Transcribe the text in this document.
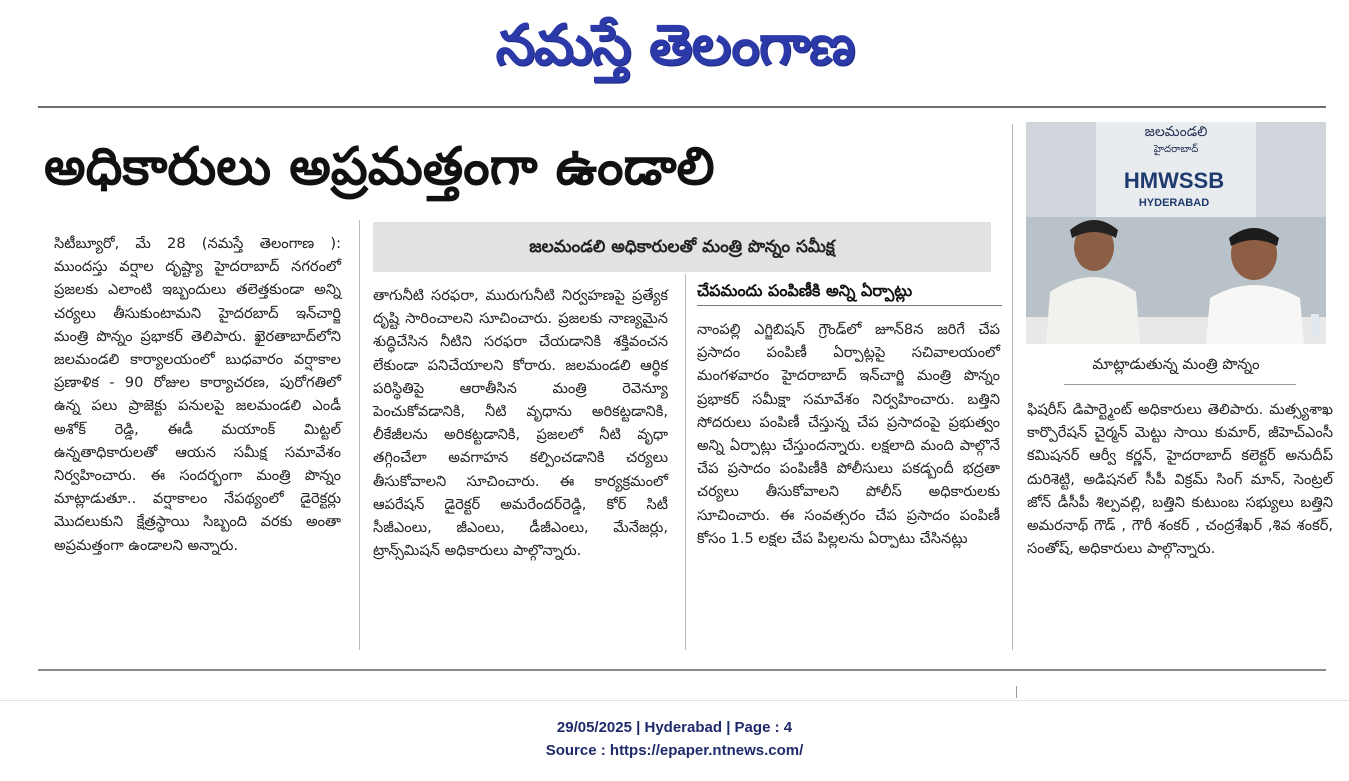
నమస్తే తెలంగాణ
అధికారులు అప్రమత్తంగా ఉండాలి
జలమండలి అధికారులతో మంత్రి పొన్నం సమీక్ష

సిటీబ్యూరో, మే 28 (నమస్తే తెలంగాణ ): ముందస్తు వర్షాల దృష్ట్యా హైదరాబాద్ నగరంలో ప్రజలకు ఎలాంటి ఇబ్బందులు తలెత్తకుండా అన్ని చర్యలు తీసుకుంటామని హైదరబాద్ ఇన్‌చార్జి మంత్రి పొన్నం ప్రభాకర్ తెలిపారు. ఖైరతాబాద్‌లోని జలమండలి కార్యాలయంలో బుధవారం వర్షాకాల ప్రణాళిక - 90 రోజుల కార్యాచరణ, పురోగతిలో ఉన్న పలు ప్రాజెక్టు పనులపై జలమండలి ఎండీ అశోక్ రెడ్డి, ఈడీ మయాంక్ మిట్టల్ ఉన్నతాధికారులతో ఆయన సమీక్ష సమావేశం నిర్వహించారు. ఈ సందర్భంగా మంత్రి పొన్నం మాట్లాడుతూ.. వర్షాకాలం నేపథ్యంలో డైరెక్టర్లు మొదలుకుని క్షేత్రస్థాయి సిబ్బంది వరకు అంతా అప్రమత్తంగా ఉండాలని అన్నారు.

తాగునీటి సరఫరా, మురుగునీటి నిర్వహణపై ప్రత్యేక దృష్టి సారించాలని సూచించారు. ప్రజలకు నాణ్యమైన శుద్ధిచేసిన నీటిని సరఫరా చేయడానికి శక్తివంచన లేకుండా పనిచేయాలని కోరారు. జలమండలి ఆర్థిక పరిస్థితిపై ఆరాతీసిన మంత్రి రెవెన్యూ పెంచుకోవడానికి, నీటి వృధాను అరికట్టడానికి, లీకేజీలను అరికట్టడానికి, ప్రజలలో నీటి వృధా తగ్గించేలా అవగాహన కల్పించడానికి చర్యలు తీసుకోవాలని సూచించారు. ఈ కార్యక్రమంలో ఆపరేషన్ డైరెక్టర్ అమరేందర్‌రెడ్డి, కోర్ సిటీ సీజీఎంలు, జీఎంలు, డీజీఎంలు, మేనేజర్లు, ట్రాన్స్‌మిషన్ అధికారులు పాల్గొన్నారు.

చేపమందు పంపిణీకి అన్ని ఏర్పాట్లు

నాంపల్లి ఎగ్జిబిషన్ గ్రౌండ్‌లో జూన్8న జరిగే చేప ప్రసాదం పంపిణీ ఏర్పాట్లపై సచివాలయంలో మంగళవారం హైదరాబాద్ ఇన్‌చార్జి మంత్రి పొన్నం ప్రభాకర్ సమీక్షా సమావేశం నిర్వహించారు. బత్తిని సోదరులు పంపిణీ చేస్తున్న చేప ప్రసాదంపై ప్రభుత్వం అన్ని ఏర్పాట్లు చేస్తుందన్నారు. లక్షలాది మంది పాల్గొనే చేప ప్రసాదం పంపిణీకి పోలీసులు పకడ్బందీ భద్రతా చర్యలు తీసుకోవాలని పోలీస్ అధికారులకు సూచించారు. ఈ సంవత్సరం చేప ప్రసాదం పంపిణీ కోసం 1.5 లక్షల చేప పిల్లలను ఏర్పాటు చేసినట్లు

జలమండలి
హైదరాబాద్
HMWSSB
HYDERABAD
మాట్లాడుతున్న మంత్రి పొన్నం

ఫిషరీస్ డిపార్ట్మెంట్ అధికారులు తెలిపారు. మత్స్యశాఖ కార్పొరేషన్ చైర్మన్ మెట్టు సాయి కుమార్, జీహెచ్ఎంసీ కమిషనర్ ఆర్వీ కర్ణన్, హైదరాబాద్ కలెక్టర్ అనుదీప్ దురిశెట్టి, అడిషనల్ సీపీ విక్రమ్ సింగ్ మాన్, సెంట్రల్ జోన్ డీసీపీ శిల్పవల్లి, బత్తిని కుటుంబ సభ్యులు బత్తిని అమరనాథ్ గౌడ్ , గౌరీ శంకర్ , చంద్రశేఖర్ ,శివ శంకర్, సంతోష్, అధికారులు పాల్గొన్నారు.

29/05/2025 | Hyderabad | Page : 4
Source : https://epaper.ntnews.com/
